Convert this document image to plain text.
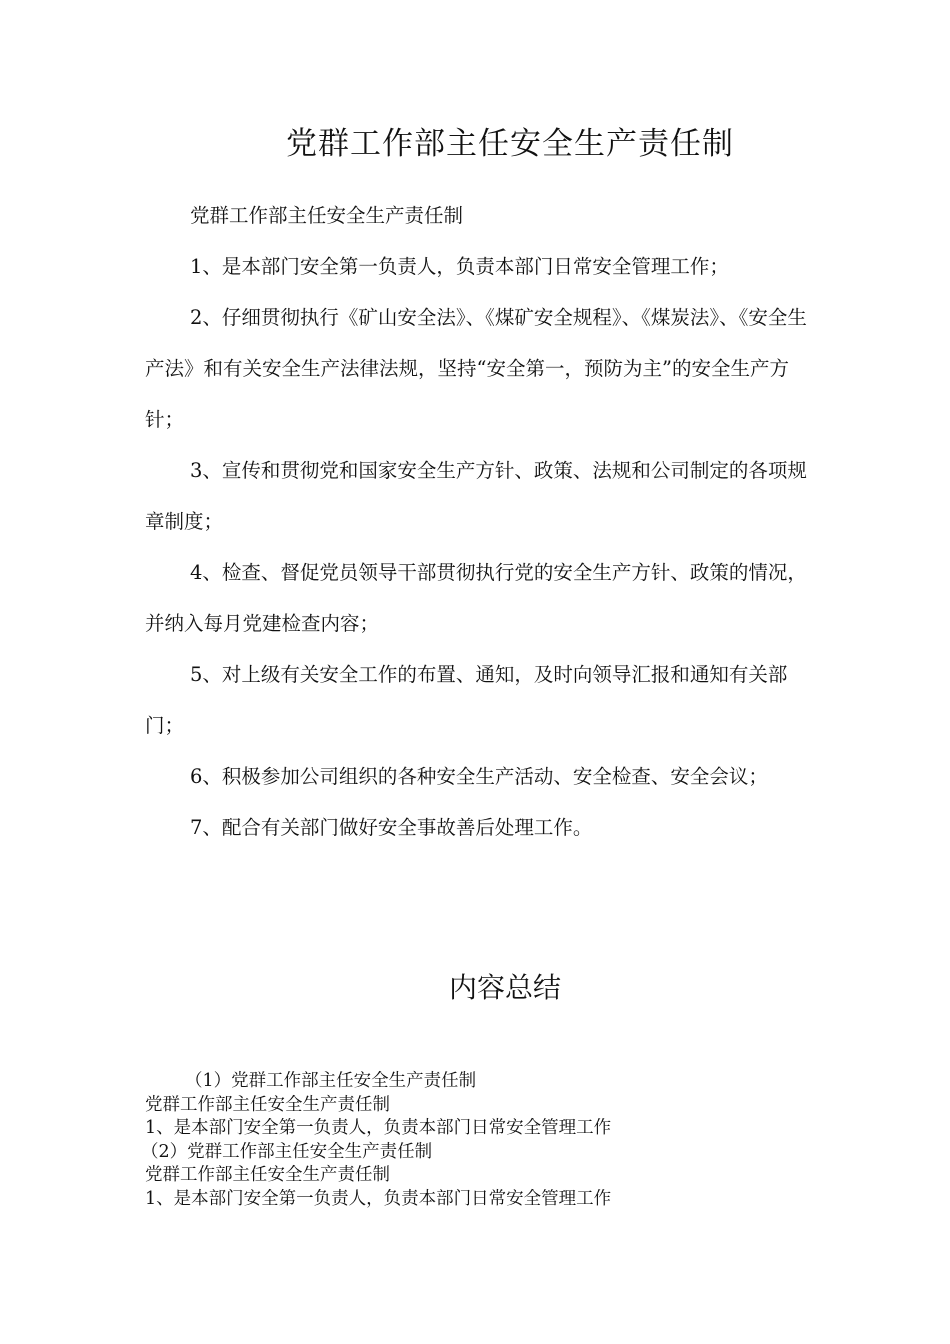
党群工作部主任安全生产责任制

党群工作部主任安全生产责任制

1、是本部门安全第一负责人，负责本部门日常安全管理工作；

2、仔细贯彻执行《矿山安全法》、《煤矿安全规程》、《煤炭法》、《安全生产法》和有关安全生产法律法规，坚持“安全第一，预防为主”的安全生产方针；

3、宣传和贯彻党和国家安全生产方针、政策、法规和公司制定的各项规章制度；

4、检查、督促党员领导干部贯彻执行党的安全生产方针、政策的情况，并纳入每月党建检查内容；

5、对上级有关安全工作的布置、通知，及时向领导汇报和通知有关部门；

6、积极参加公司组织的各种安全生产活动、安全检查、安全会议；

7、配合有关部门做好安全事故善后处理工作。

内容总结

（1）党群工作部主任安全生产责任制

党群工作部主任安全生产责任制

1、是本部门安全第一负责人，负责本部门日常安全管理工作

（2）党群工作部主任安全生产责任制

党群工作部主任安全生产责任制

1、是本部门安全第一负责人，负责本部门日常安全管理工作
